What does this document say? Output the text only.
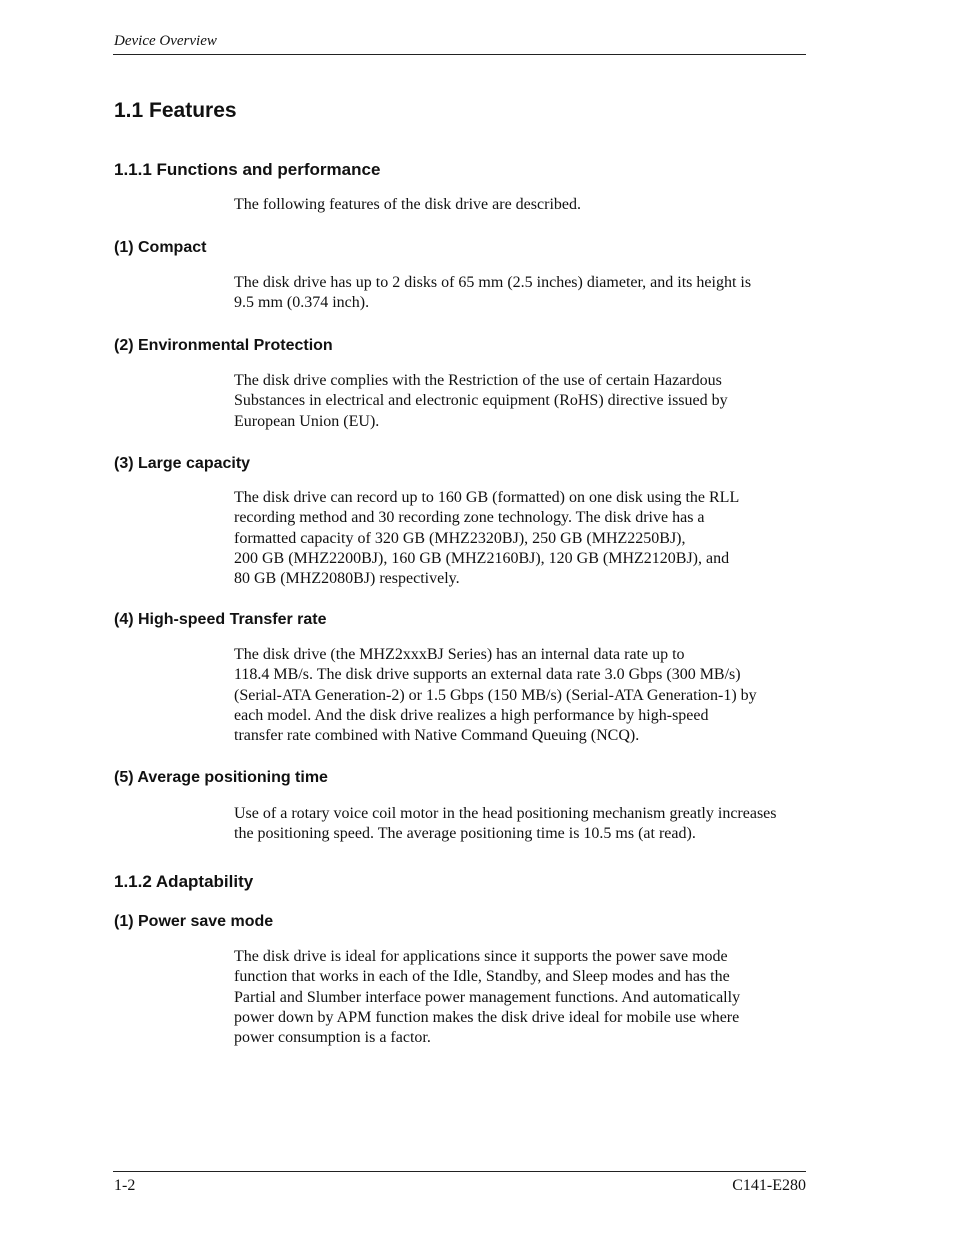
Device Overview
1.1 Features
1.1.1 Functions and performance

The following features of the disk drive are described.

(1) Compact

The disk drive has up to 2 disks of 65 mm (2.5 inches) diameter, and its height is
9.5 mm (0.374 inch).

(2) Environmental Protection

The disk drive complies with the Restriction of the use of certain Hazardous
Substances in electrical and electronic equipment (RoHS) directive issued by
European Union (EU).

(3) Large capacity

The disk drive can record up to 160 GB (formatted) on one disk using the RLL
recording method and 30 recording zone technology. The disk drive has a
formatted capacity of 320 GB (MHZ2320BJ), 250 GB (MHZ2250BJ),
200 GB (MHZ2200BJ), 160 GB (MHZ2160BJ), 120 GB (MHZ2120BJ), and
80 GB (MHZ2080BJ) respectively.

(4) High-speed Transfer rate

The disk drive (the MHZ2xxxBJ Series) has an internal data rate up to
118.4 MB/s. The disk drive supports an external data rate 3.0 Gbps (300 MB/s)
(Serial-ATA Generation-2) or 1.5 Gbps (150 MB/s) (Serial-ATA Generation-1) by
each model. And the disk drive realizes a high performance by high-speed
transfer rate combined with Native Command Queuing (NCQ).

(5) Average positioning time

Use of a rotary voice coil motor in the head positioning mechanism greatly increases
the positioning speed. The average positioning time is 10.5 ms (at read).

1.1.2 Adaptability
(1) Power save mode

The disk drive is ideal for applications since it supports the power save mode
function that works in each of the Idle, Standby, and Sleep modes and has the
Partial and Slumber interface power management functions. And automatically
power down by APM function makes the disk drive ideal for mobile use where
power consumption is a factor.

1-2	C141-E280
